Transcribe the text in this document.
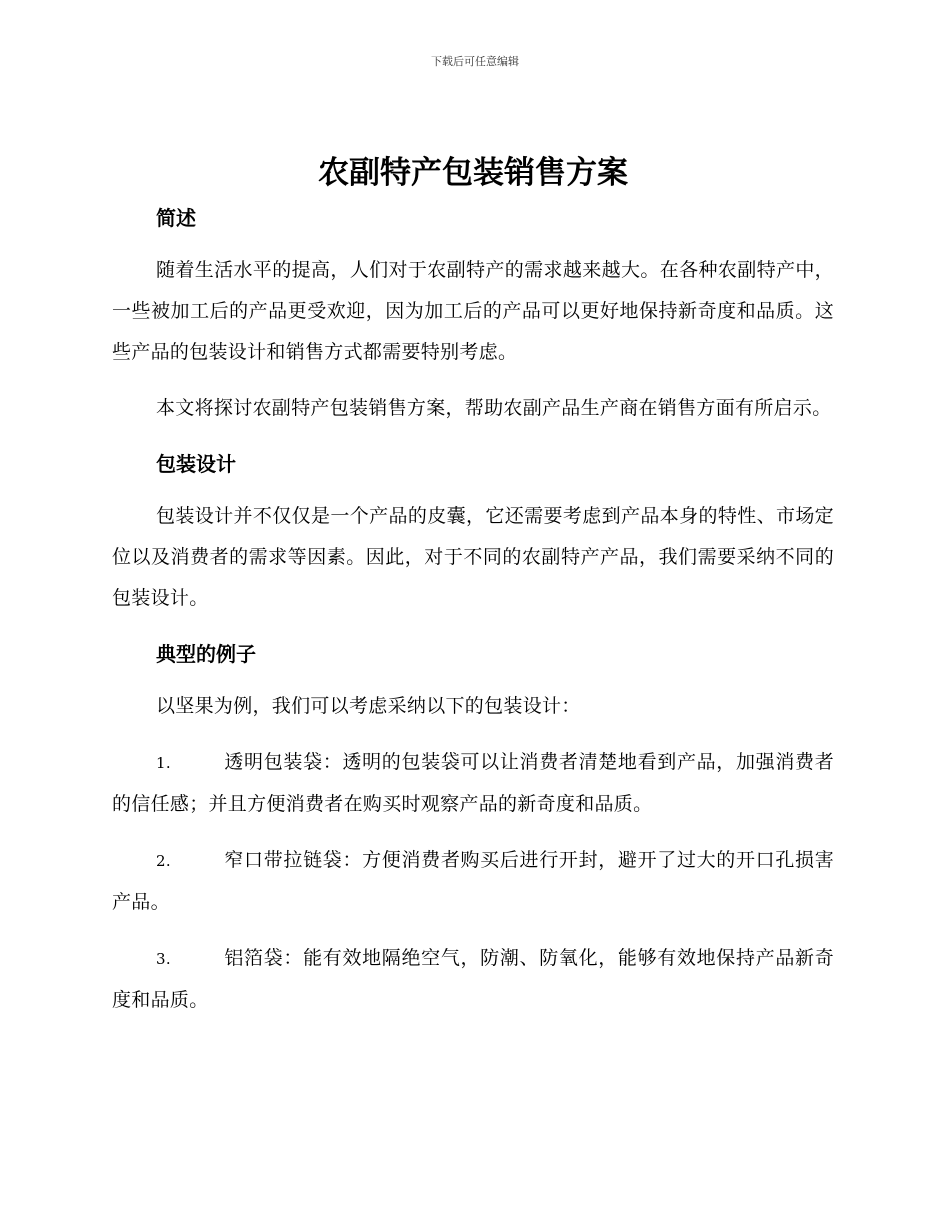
下载后可任意编辑
农副特产包装销售方案
简述

随着生活水平的提高，人们对于农副特产的需求越来越大。在各种农副特产中，一些被加工后的产品更受欢迎，因为加工后的产品可以更好地保持新奇度和品质。这些产品的包装设计和销售方式都需要特别考虑。

本文将探讨农副特产包装销售方案，帮助农副产品生产商在销售方面有所启示。

包装设计

包装设计并不仅仅是一个产品的皮囊，它还需要考虑到产品本身的特性、市场定位以及消费者的需求等因素。因此，对于不同的农副特产产品，我们需要采纳不同的包装设计。

典型的例子

以坚果为例，我们可以考虑采纳以下的包装设计：

1.	透明包装袋：透明的包装袋可以让消费者清楚地看到产品，加强消费者的信任感；并且方便消费者在购买时观察产品的新奇度和品质。

2.	窄口带拉链袋：方便消费者购买后进行开封，避开了过大的开口孔损害产品。

3.	铝箔袋：能有效地隔绝空气，防潮、防氧化，能够有效地保持产品新奇度和品质。
